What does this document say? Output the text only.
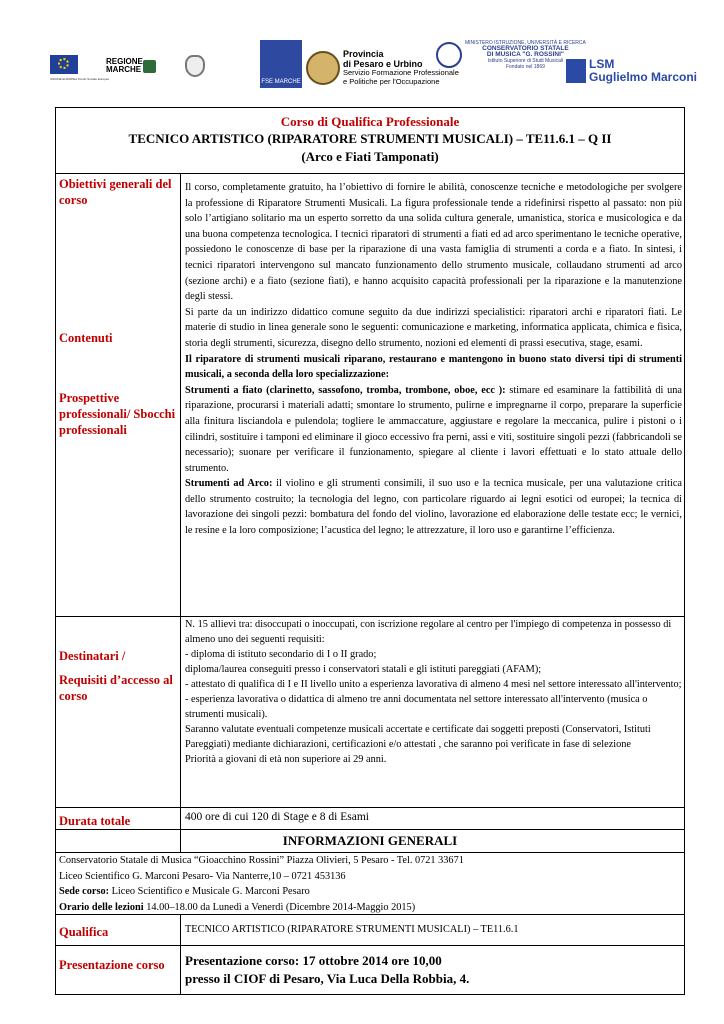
UNIONE EUROPEA Fondo Sociale Europeo
REGIONE MARCHE
FSE MARCHE
Provincia
di Pesaro e Urbino
Servizio Formazione Professionale
e Politiche per l'Occupazione
MINISTERO ISTRUZIONE, UNIVERSITÀ E RICERCA
CONSERVATORIO STATALE
DI MUSICA "G. ROSSINI"
Istituto Superiore di Studi Musicali
Fondato nel 1869	LSM
Guglielmo Marconi
Corso di Qualifica Professionale
TECNICO ARTISTICO (RIPARATORE STRUMENTI MUSICALI) – TE11.6.1 – Q II
(Arco e Fiati Tamponati)
Obiettivi generali del corso
Contenuti
Prospettive professionali/ Sbocchi professionali
Destinatari /
Requisiti d’accesso al corso
Durata totale
Qualifica
Presentazione corso

Il corso, completamente gratuito, ha l’obiettivo di fornire le abilità, conoscenze tecniche e metodologiche per svolgere la professione di Riparatore Strumenti Musicali. La figura professionale tende a ridefinirsi rispetto al passato: non più solo l’artigiano solitario ma un esperto sorretto da una solida cultura generale, umanistica, storica e musicologica e da una buona competenza tecnologica. I tecnici riparatori di strumenti a fiati ed ad arco sperimentano le tecniche operative, possiedono le conoscenze di base per la riparazione di una vasta famiglia di strumenti a corda e a fiato. In sintesi, i tecnici riparatori intervengono sul mancato funzionamento dello strumento musicale, collaudano strumenti ad arco (sezione archi) e a fiato (sezione fiati), e hanno acquisito capacità professionali per la riparazione e la manutenzione degli stessi.

Si parte da un indirizzo didattico comune seguito da due indirizzi specialistici: riparatori archi e riparatori fiati. Le materie di studio in linea generale sono le seguenti: comunicazione e marketing, informatica applicata, chimica e fisica, storia degli strumenti, sicurezza, disegno dello strumento, nozioni ed elementi di prassi esecutiva, stage, esami.

Il riparatore di strumenti musicali riparano, restaurano e mantengono in buono stato diversi tipi di strumenti musicali, a seconda della loro specializzazione:

Strumenti a fiato (clarinetto, sassofono, tromba, trombone, oboe, ecc ): stimare ed esaminare la fattibilità di una riparazione, procurarsi i materiali adatti; smontare lo strumento, pulirne e impregnarne il corpo, preparare la superficie alla finitura lisciandola e pulendola; togliere le ammaccature, aggiustare e regolare la meccanica, pulire i pistoni o i cilindri, sostituire i tamponi ed eliminare il gioco eccessivo fra perni, assi e viti, sostituire singoli pezzi (fabbricandoli se necessario); suonare per verificare il funzionamento, spiegare al cliente i lavori effettuati e lo stato attuale dello strumento.

Strumenti ad Arco: il violino e gli strumenti consimili, il suo uso e la tecnica musicale, per una valutazione critica dello strumento costruito; la tecnologia del legno, con particolare riguardo ai legni esotici od europei; la tecnica di lavorazione dei singoli pezzi: bombatura del fondo del violino, lavorazione ed elaborazione delle testate ecc; le vernici, le resine e la loro composizione; l’acustica del legno; le attrezzature, il loro uso e garantirne l’efficienza.

N. 15 allievi tra: disoccupati o inoccupati, con iscrizione regolare al centro per l'impiego di competenza in possesso di almeno uno dei seguenti requisiti:

- diploma di istituto secondario di I o II grado;

diploma/laurea conseguiti presso i conservatori statali e gli istituti pareggiati (AFAM);

- attestato di qualifica di I e II livello unito a esperienza lavorativa di almeno 4 mesi nel settore interessato all'intervento;

- esperienza lavorativa o didattica di almeno tre anni documentata nel settore interessato all'intervento (musica o strumenti musicali).

Saranno valutate eventuali competenze musicali accertate e certificate dai soggetti preposti (Conservatori, Istituti Pareggiati) mediante dichiarazioni, certificazioni e/o attestati , che saranno poi verificate in fase di selezione

Priorità a giovani di età non superiore ai 29 anni.

400 ore di cui 120 di Stage e 8 di Esami
INFORMAZIONI GENERALI

Conservatorio Statale di Musica “Gioacchino Rossini” Piazza Olivieri, 5 Pesaro - Tel. 0721 33671

Liceo Scientifico G. Marconi Pesaro- Via Nanterre,10 – 0721 453136

Sede corso: Liceo Scientifico e Musicale G. Marconi Pesaro

Orario delle lezioni 14.00–18.00 da Lunedì a Venerdì (Dicembre 2014-Maggio 2015)

TECNICO ARTISTICO (RIPARATORE STRUMENTI MUSICALI) – TE11.6.1
Presentazione corso: 17 ottobre 2014 ore 10,00
presso il CIOF di Pesaro, Via Luca Della Robbia, 4.
